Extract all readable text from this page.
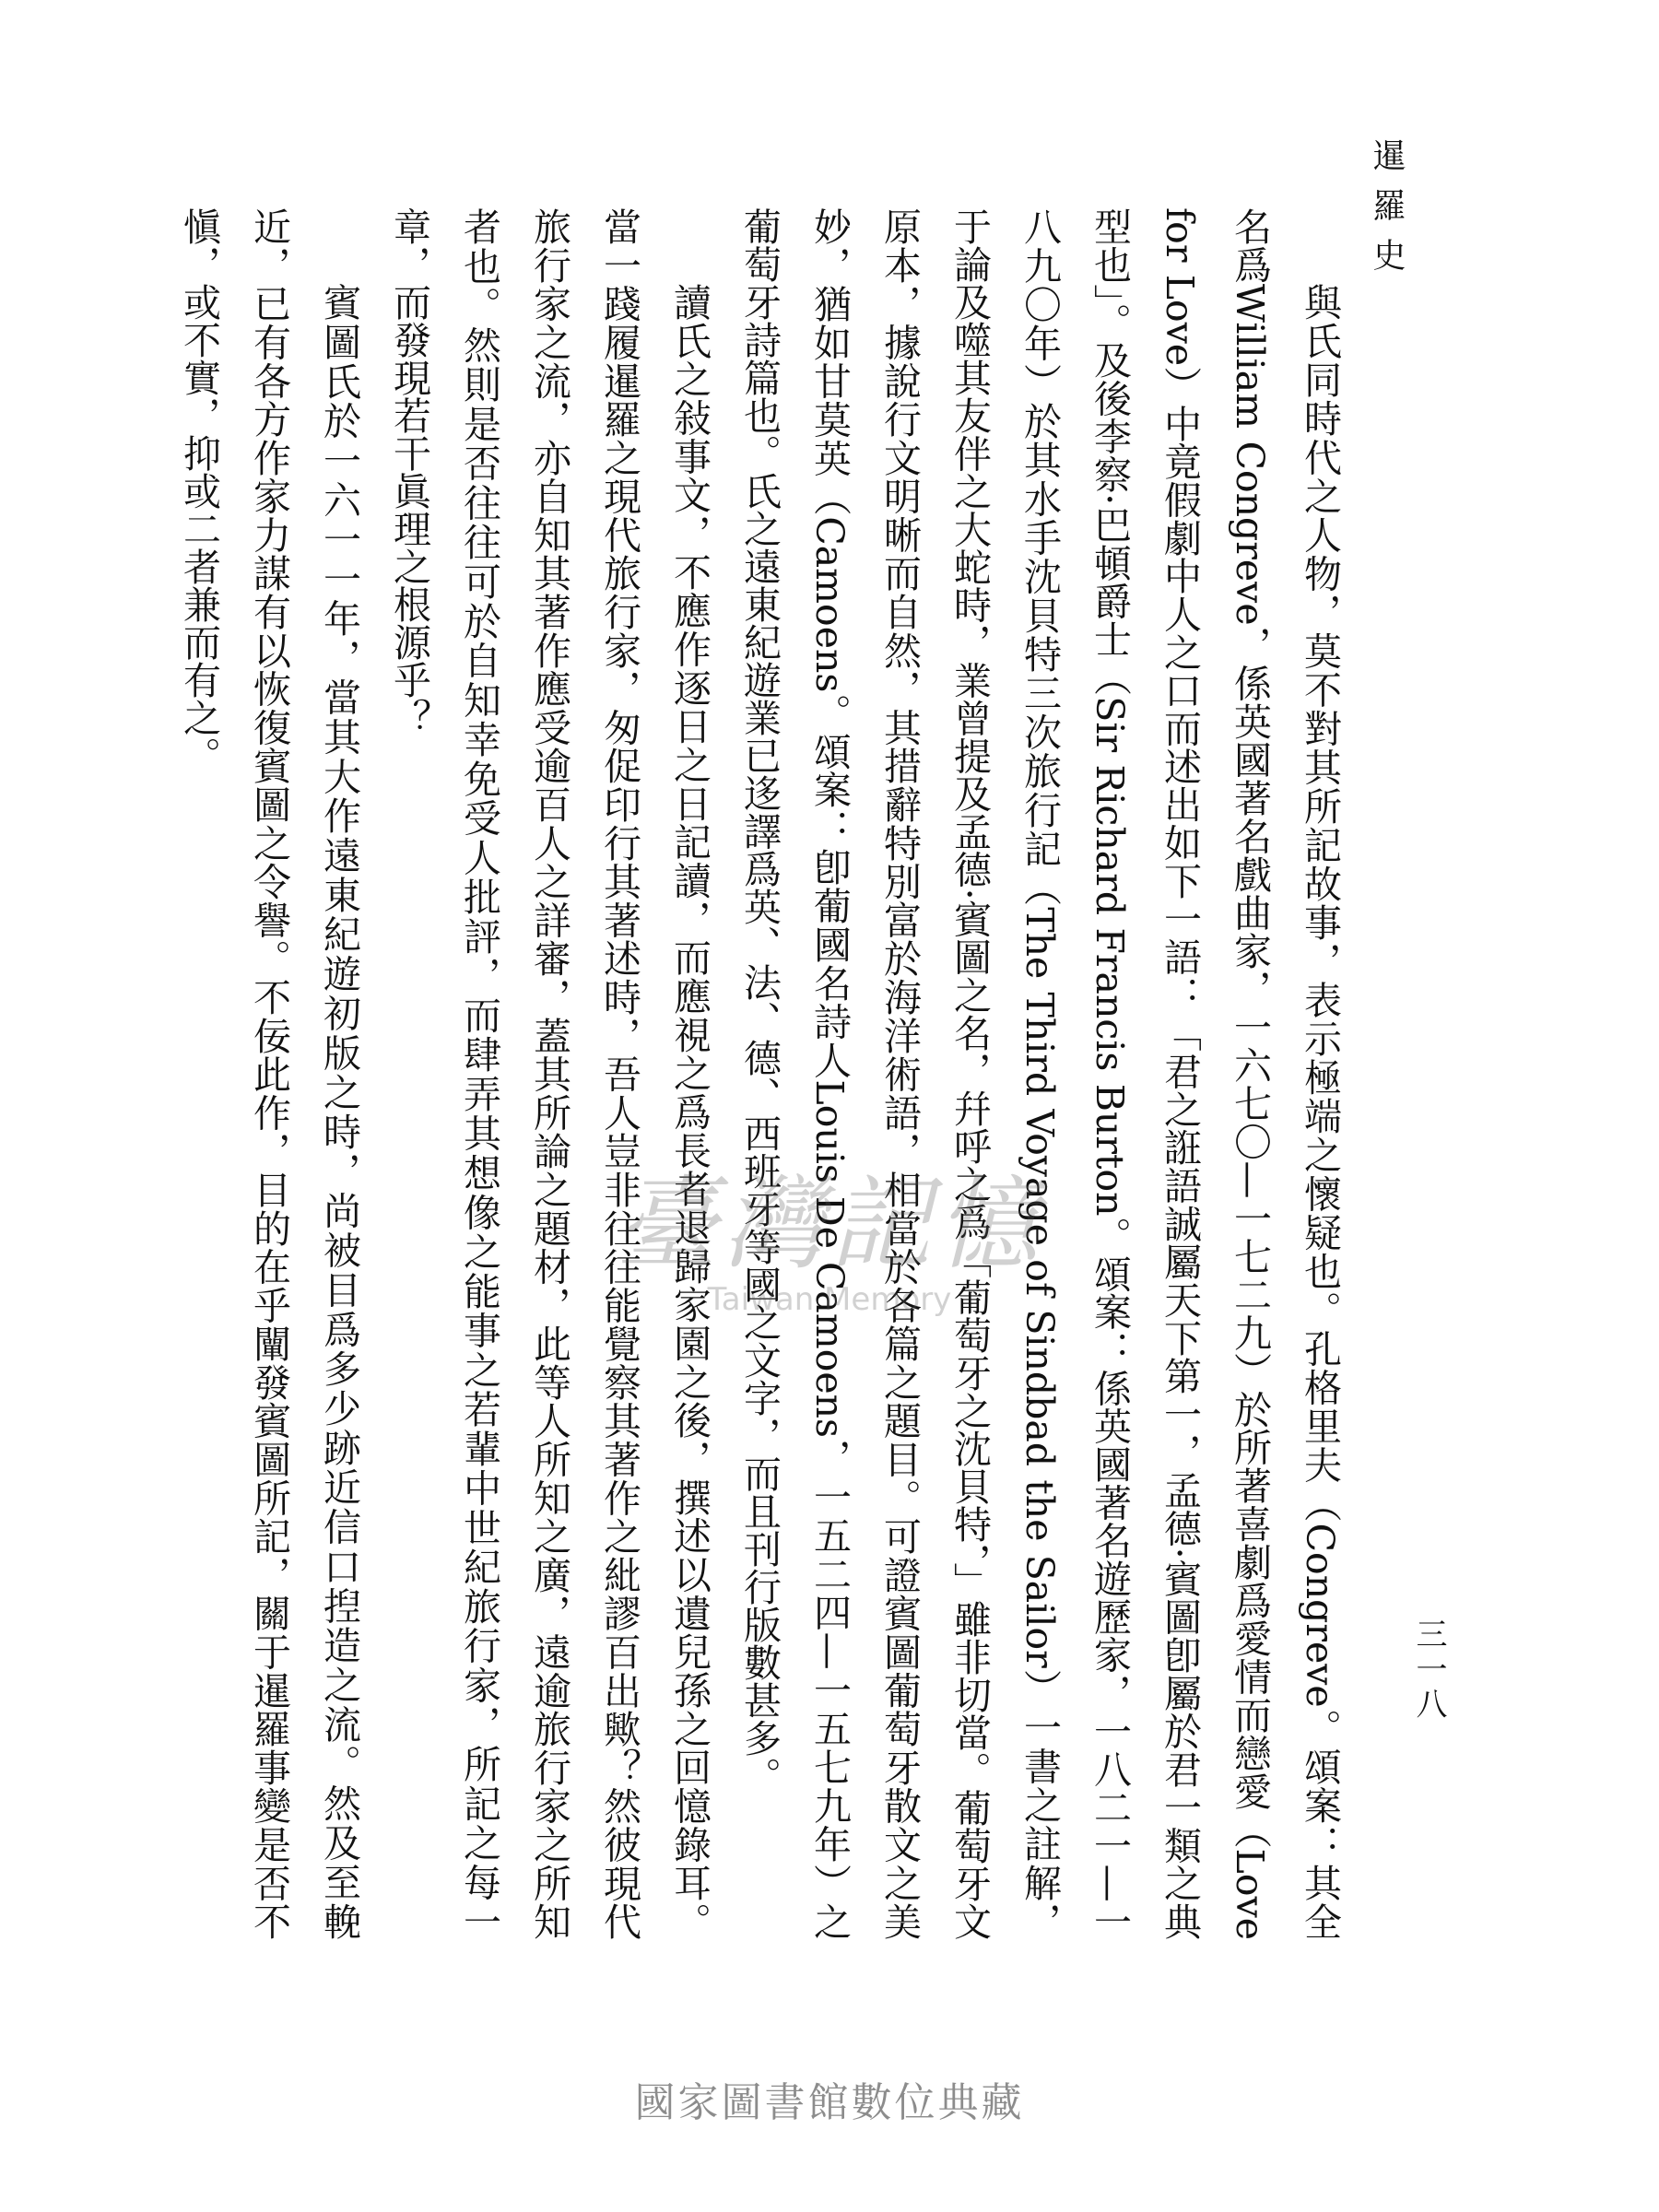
暹羅史
三一八

與氏同時代之人物，莫不對其所記故事，表示極端之懷疑也。孔格里夫（Congreve。頌案：其全名爲William Congreve，係英國著名戲曲家，一六七〇—一七二九）於所著喜劇爲愛情而戀愛（Love for Love）中竟假劇中人之口而述出如下一語：「君之誑語誠屬天下第一，孟德·賓圖卽屬於君一類之典型也」。及後李察·巴頓爵士（Sir Richard Francis Burton。頌案：係英國著名遊歷家，一八二一—一八九〇年）於其水手沈貝特三次旅行記（The Third Voyage of Sindbad the Sailor）一書之註解，于論及噬其友伴之大蛇時，業曾提及孟德·賓圖之名，幷呼之爲「葡萄牙之沈貝特，」雖非切當。葡萄牙文原本，據說行文明晰而自然，其措辭特別富於海洋術語，相當於各篇之題目。可證賓圖葡萄牙散文之美妙，猶如甘莫英（Camoens。頌案：卽葡國名詩人Louis De Camoens，一五二四—一五七九年）之葡萄牙詩篇也。氏之遠東紀遊業已迻譯爲英、法、德、西班牙等國之文字，而且刊行版數甚多。

讀氏之敍事文，不應作逐日之日記讀，而應視之爲長者退歸家園之後，撰述以遺兒孫之回憶錄耳。當一踐履暹羅之現代旅行家，匆促印行其著述時，吾人豈非往往能覺察其著作之紕謬百出歟？然彼現代旅行家之流，亦自知其著作應受逾百人之詳審，蓋其所論之題材，此等人所知之廣，遠逾旅行家之所知者也。然則是否往往可於自知幸免受人批評，而肆弄其想像之能事之若輩中世紀旅行家，所記之每一章，而發現若干眞理之根源乎？

賓圖氏於一六一一年，當其大作遠東紀遊初版之時，尚被目爲多少跡近信口揑造之流。然及至輓近，已有各方作家力謀有以恢復賓圖之令譽。不佞此作，目的在乎闡發賓圖所記，關于暹羅事變是否不愼，或不實，抑或二者兼而有之。

臺灣記憶
Taiwan Memory
國家圖書館數位典藏
